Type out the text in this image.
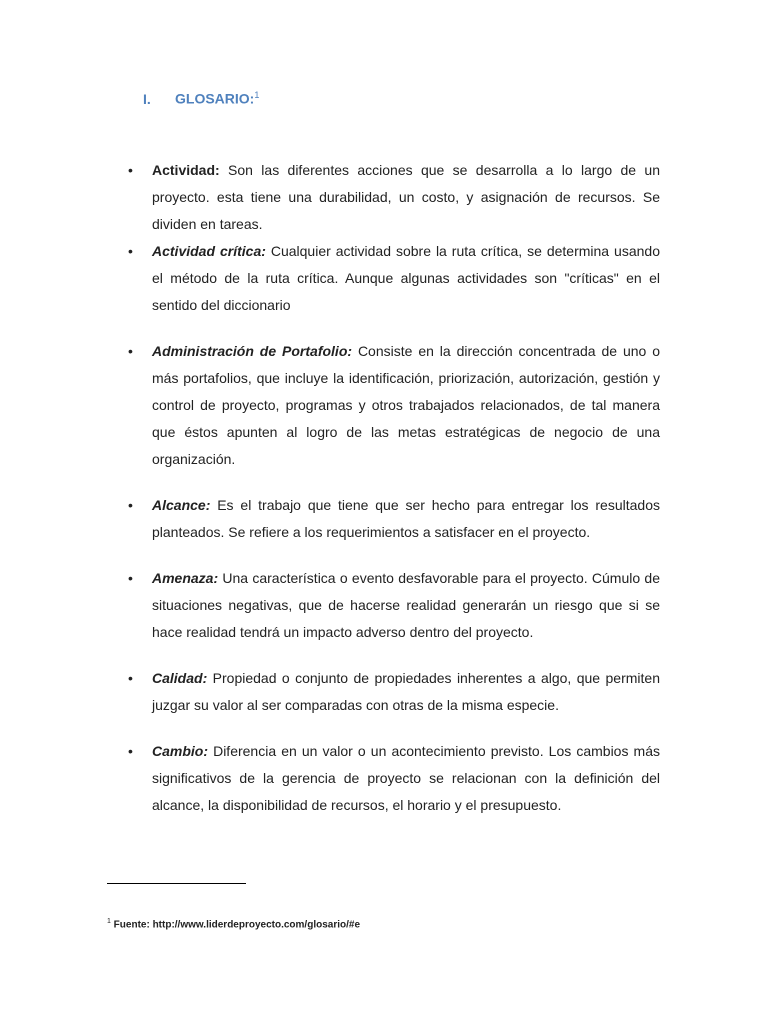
I. GLOSARIO:$^1$
• Actividad: Son las diferentes acciones que se desarrolla a lo largo de un proyecto. esta tiene una durabilidad, un costo, y asignación de recursos. Se dividen en tareas.
• Actividad crítica: Cualquier actividad sobre la ruta crítica, se determina usando el método de la ruta crítica. Aunque algunas actividades son "críticas" en el sentido del diccionario
• Administración de Portafolio: Consiste en la dirección concentrada de uno o más portafolios, que incluye la identificación, priorización, autorización, gestión y control de proyecto, programas y otros trabajados relacionados, de tal manera que éstos apunten al logro de las metas estratégicas de negocio de una organización.
• Alcance: Es el trabajo que tiene que ser hecho para entregar los resultados planteados. Se refiere a los requerimientos a satisfacer en el proyecto.
• Amenaza: Una característica o evento desfavorable para el proyecto. Cúmulo de situaciones negativas, que de hacerse realidad generarán un riesgo que si se hace realidad tendrá un impacto adverso dentro del proyecto.
• Calidad: Propiedad o conjunto de propiedades inherentes a algo, que permiten juzgar su valor al ser comparadas con otras de la misma especie.
• Cambio: Diferencia en un valor o un acontecimiento previsto. Los cambios más significativos de la gerencia de proyecto se relacionan con la definición del alcance, la disponibilidad de recursos, el horario y el presupuesto.
$^1$ Fuente: http://www.liderdeproyecto.com/glosario/#e
